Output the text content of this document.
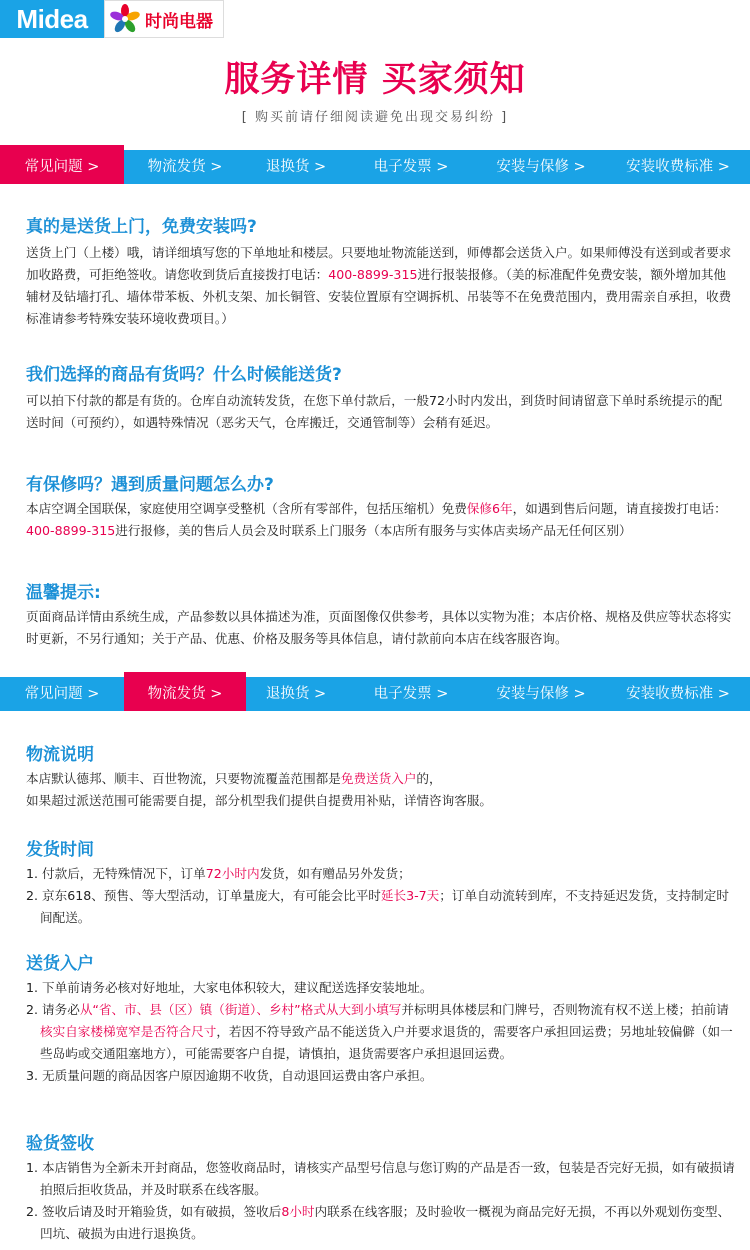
Midea	时尚电器
服务详情 买家须知
[ 购买前请仔细阅读避免出现交易纠纷 ]
常见问题 >	物流发货 >	退换货 >	电子发票 >	安装与保修 >	安装收费标准 >
真的是送货上门，免费安装吗?
送货上门（上楼）哦，请详细填写您的下单地址和楼层。只要地址物流能送到，师傅都会送货入户。如果师傅没有送到或者要求加收路费，可拒绝签收。请您收到货后直接拨打电话：400-8899-315进行报装报修。（美的标准配件免费安装，额外增加其他辅材及钻墙打孔、墙体带苯板、外机支架、加长铜管、安装位置原有空调拆机、吊装等不在免费范围内，费用需亲自承担，收费标准请参考特殊安装环境收费项目。）
我们选择的商品有货吗？什么时候能送货?
可以拍下付款的都是有货的。仓库自动流转发货，在您下单付款后，一般72小时内发出，到货时间请留意下单时系统提示的配送时间（可预约），如遇特殊情况（恶劣天气，仓库搬迁，交通管制等）会稍有延迟。
有保修吗？遇到质量问题怎么办?
本店空调全国联保，家庭使用空调享受整机（含所有零部件，包括压缩机）免费保修6年，如遇到售后问题，请直接拨打电话：400-8899-315进行报修，美的售后人员会及时联系上门服务（本店所有服务与实体店卖场产品无任何区别）
温馨提示:
页面商品详情由系统生成，产品参数以具体描述为准，页面图像仅供参考，具体以实物为准；本店价格、规格及供应等状态将实时更新，不另行通知；关于产品、优惠、价格及服务等具体信息，请付款前向本店在线客服咨询。
常见问题 >	物流发货 >	退换货 >	电子发票 >	安装与保修 >	安装收费标准 >
物流说明
本店默认德邦、顺丰、百世物流，只要物流覆盖范围都是免费送货入户的，
如果超过派送范围可能需要自提，部分机型我们提供自提费用补贴，详情咨询客服。
发货时间

1. 付款后，无特殊情况下，订单72小时内发货，如有赠品另外发货；

2. 京东618、预售、等大型活动，订单量庞大，有可能会比平时延长3-7天；订单自动流转到库，不支持延迟发货，支持制定时间配送。

送货入户

1. 下单前请务必核对好地址，大家电体积较大，建议配送选择安装地址。

2. 请务必从“省、市、县（区）镇（街道）、乡村”格式从大到小填写并标明具体楼层和门牌号，否则物流有权不送上楼；拍前请核实自家楼梯宽窄是否符合尺寸，若因不符导致产品不能送货入户并要求退货的，需要客户承担回运费；另地址较偏僻（如一些岛屿或交通阻塞地方），可能需要客户自提，请慎拍，退货需要客户承担退回运费。

3. 无质量问题的商品因客户原因逾期不收货，自动退回运费由客户承担。

验货签收

1. 本店销售为全新未开封商品，您签收商品时，请核实产品型号信息与您订购的产品是否一致，包装是否完好无损，如有破损请拍照后拒收货品，并及时联系在线客服。

2. 签收后请及时开箱验货，如有破损，签收后8小时内联系在线客服；及时验收一概视为商品完好无损，不再以外观划伤变型、凹坑、破损为由进行退换货。
